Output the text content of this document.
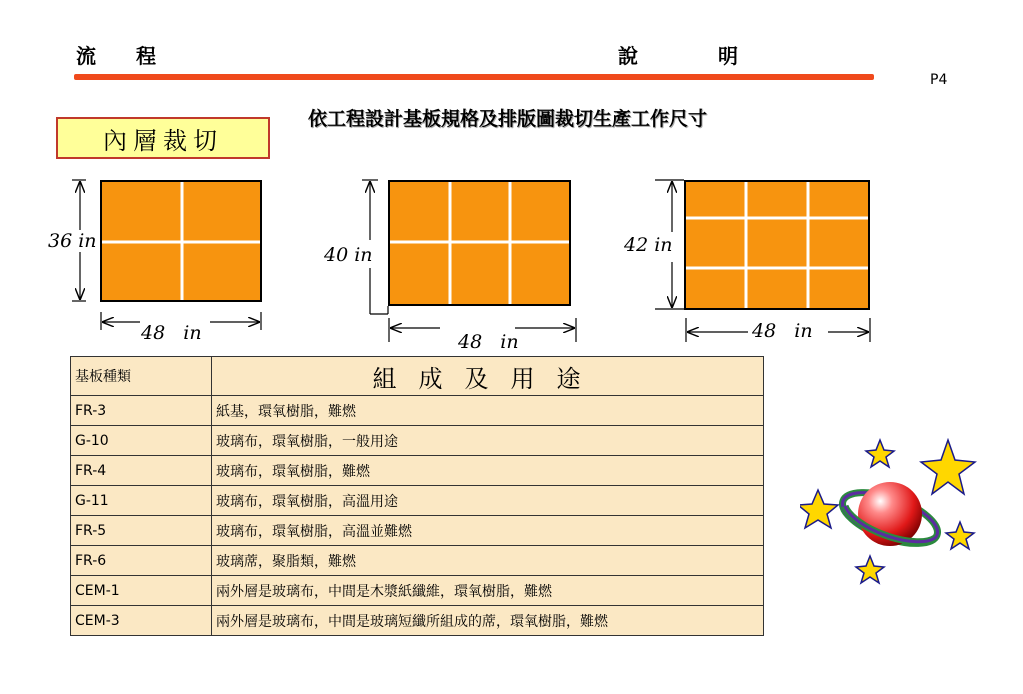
流　　程	說　　　　明
P4
依工程設計基板規格及排版圖裁切生產工作尺寸
內層裁切
36 in
48   in
40 in
48   in
42 in
48   in
基板種類	組成及用途
FR-3	紙基，環氧樹脂，難燃
G-10	玻璃布，環氧樹脂，一般用途
FR-4	玻璃布，環氧樹脂，難燃
G-11	玻璃布，環氧樹脂，高溫用途
FR-5	玻璃布，環氧樹脂，高溫並難燃
FR-6	玻璃蓆，聚脂類，難燃
CEM-1	兩外層是玻璃布，中間是木漿紙纖維，環氧樹脂，難燃
CEM-3	兩外層是玻璃布，中間是玻璃短纖所組成的蓆，環氧樹脂，難燃
